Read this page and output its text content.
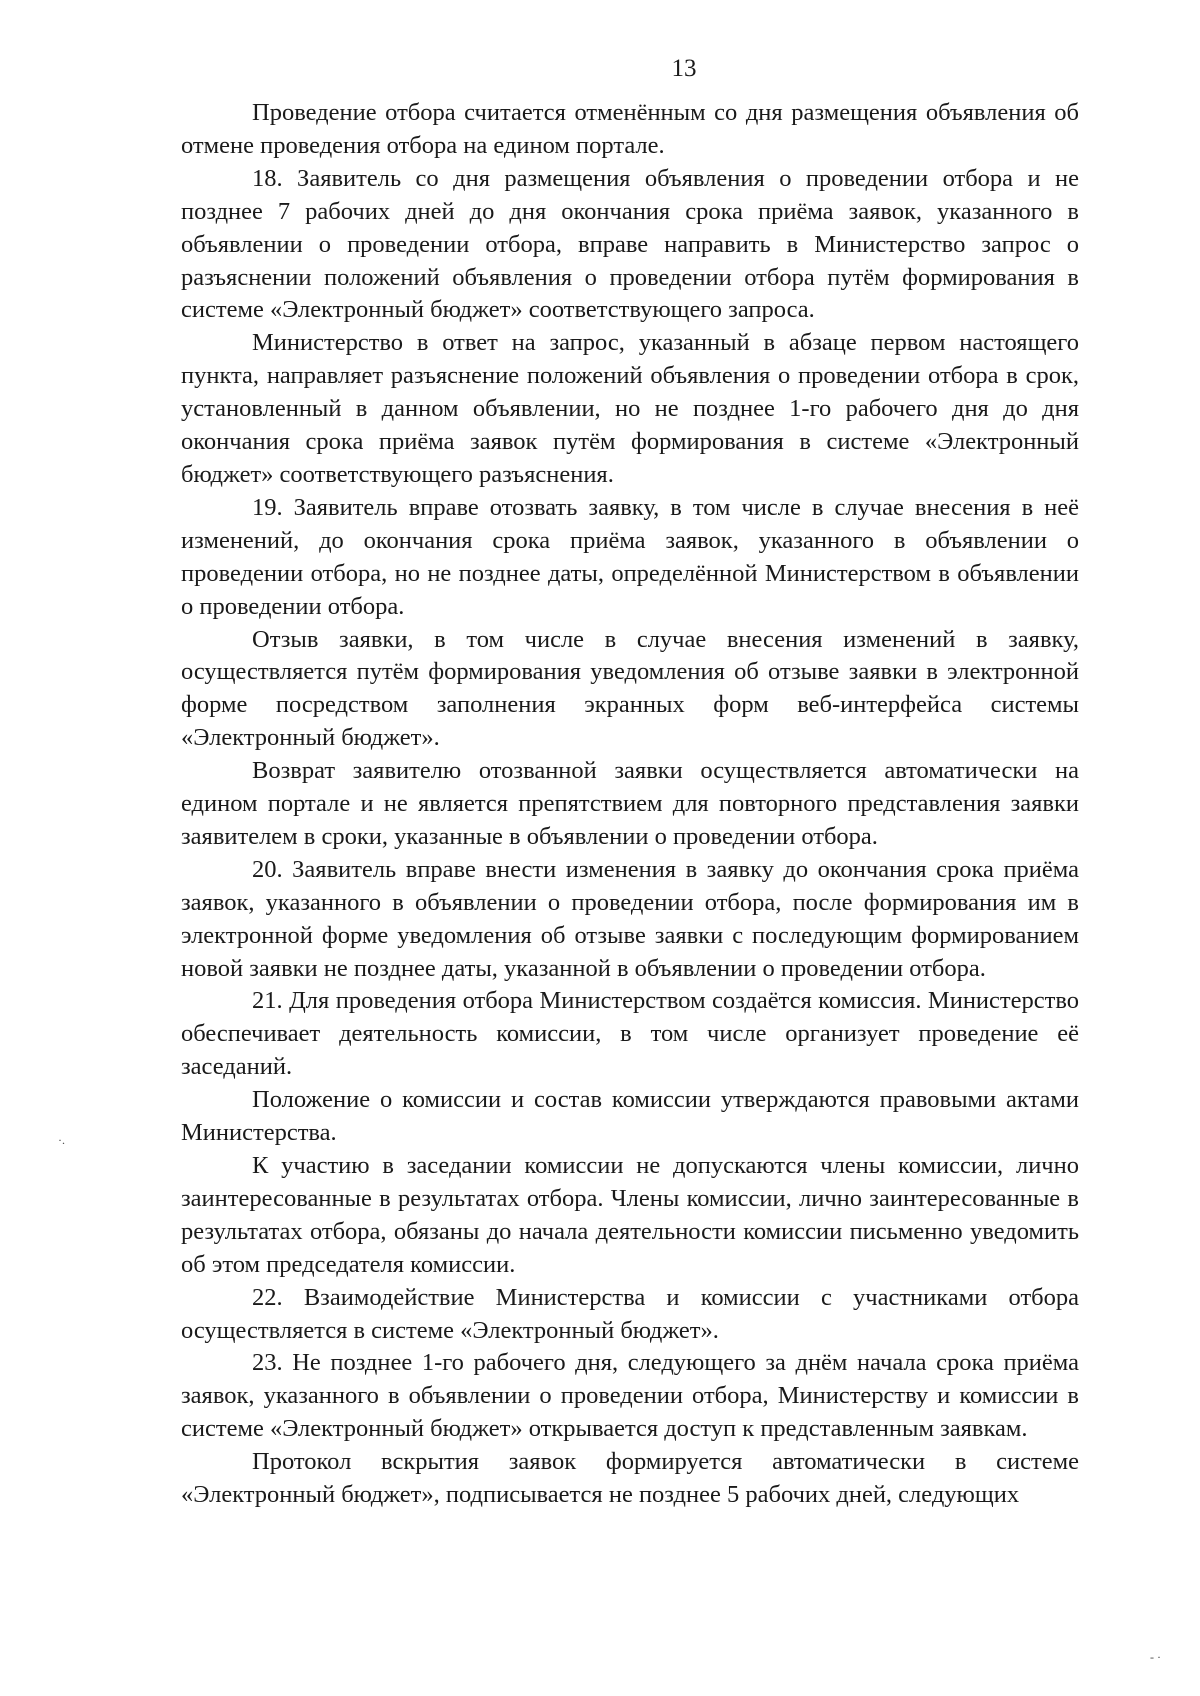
13

Проведение отбора считается отменённым со дня размещения объявления об отмене проведения отбора на едином портале.

18. Заявитель со дня размещения объявления о проведении отбора и не позднее 7 рабочих дней до дня окончания срока приёма заявок, указанного в объявлении о проведении отбора, вправе направить в Министерство запрос о разъяснении положений объявления о проведении отбора путём формирования в системе «Электронный бюджет» соответствующего запроса.

Министерство в ответ на запрос, указанный в абзаце первом настоящего пункта, направляет разъяснение положений объявления о проведении отбора в срок, установленный в данном объявлении, но не позднее 1-го рабочего дня до дня окончания срока приёма заявок путём формирования в системе «Электронный бюджет» соответствующего разъяснения.

19. Заявитель вправе отозвать заявку, в том числе в случае внесения в неё изменений, до окончания срока приёма заявок, указанного в объявлении о проведении отбора, но не позднее даты, определённой Министерством в объявлении о проведении отбора.

Отзыв заявки, в том числе в случае внесения изменений в заявку, осуществляется путём формирования уведомления об отзыве заявки в электронной форме посредством заполнения экранных форм веб-интерфейса системы «Электронный бюджет».

Возврат заявителю отозванной заявки осуществляется автоматически на едином портале и не является препятствием для повторного представления заявки заявителем в сроки, указанные в объявлении о проведении отбора.

20. Заявитель вправе внести изменения в заявку до окончания срока приёма заявок, указанного в объявлении о проведении отбора, после формирования им в электронной форме уведомления об отзыве заявки с последующим формированием новой заявки не позднее даты, указанной в объявлении о проведении отбора.

21. Для проведения отбора Министерством создаётся комиссия. Министерство обеспечивает деятельность комиссии, в том числе организует проведение её заседаний.

Положение о комиссии и состав комиссии утверждаются правовыми актами Министерства.

К участию в заседании комиссии не допускаются члены комиссии, лично заинтересованные в результатах отбора. Члены комиссии, лично заинтересованные в результатах отбора, обязаны до начала деятельности комиссии письменно уведомить об этом председателя комиссии.

22. Взаимодействие Министерства и комиссии с участниками отбора осуществляется в системе «Электронный бюджет».

23. Не позднее 1-го рабочего дня, следующего за днём начала срока приёма заявок, указанного в объявлении о проведении отбора, Министерству и комиссии в системе «Электронный бюджет» открывается доступ к представленным заявкам.

Протокол вскрытия заявок формируется автоматически в системе «Электронный бюджет», подписывается не позднее 5 рабочих дней, следующих

·.
- ·
